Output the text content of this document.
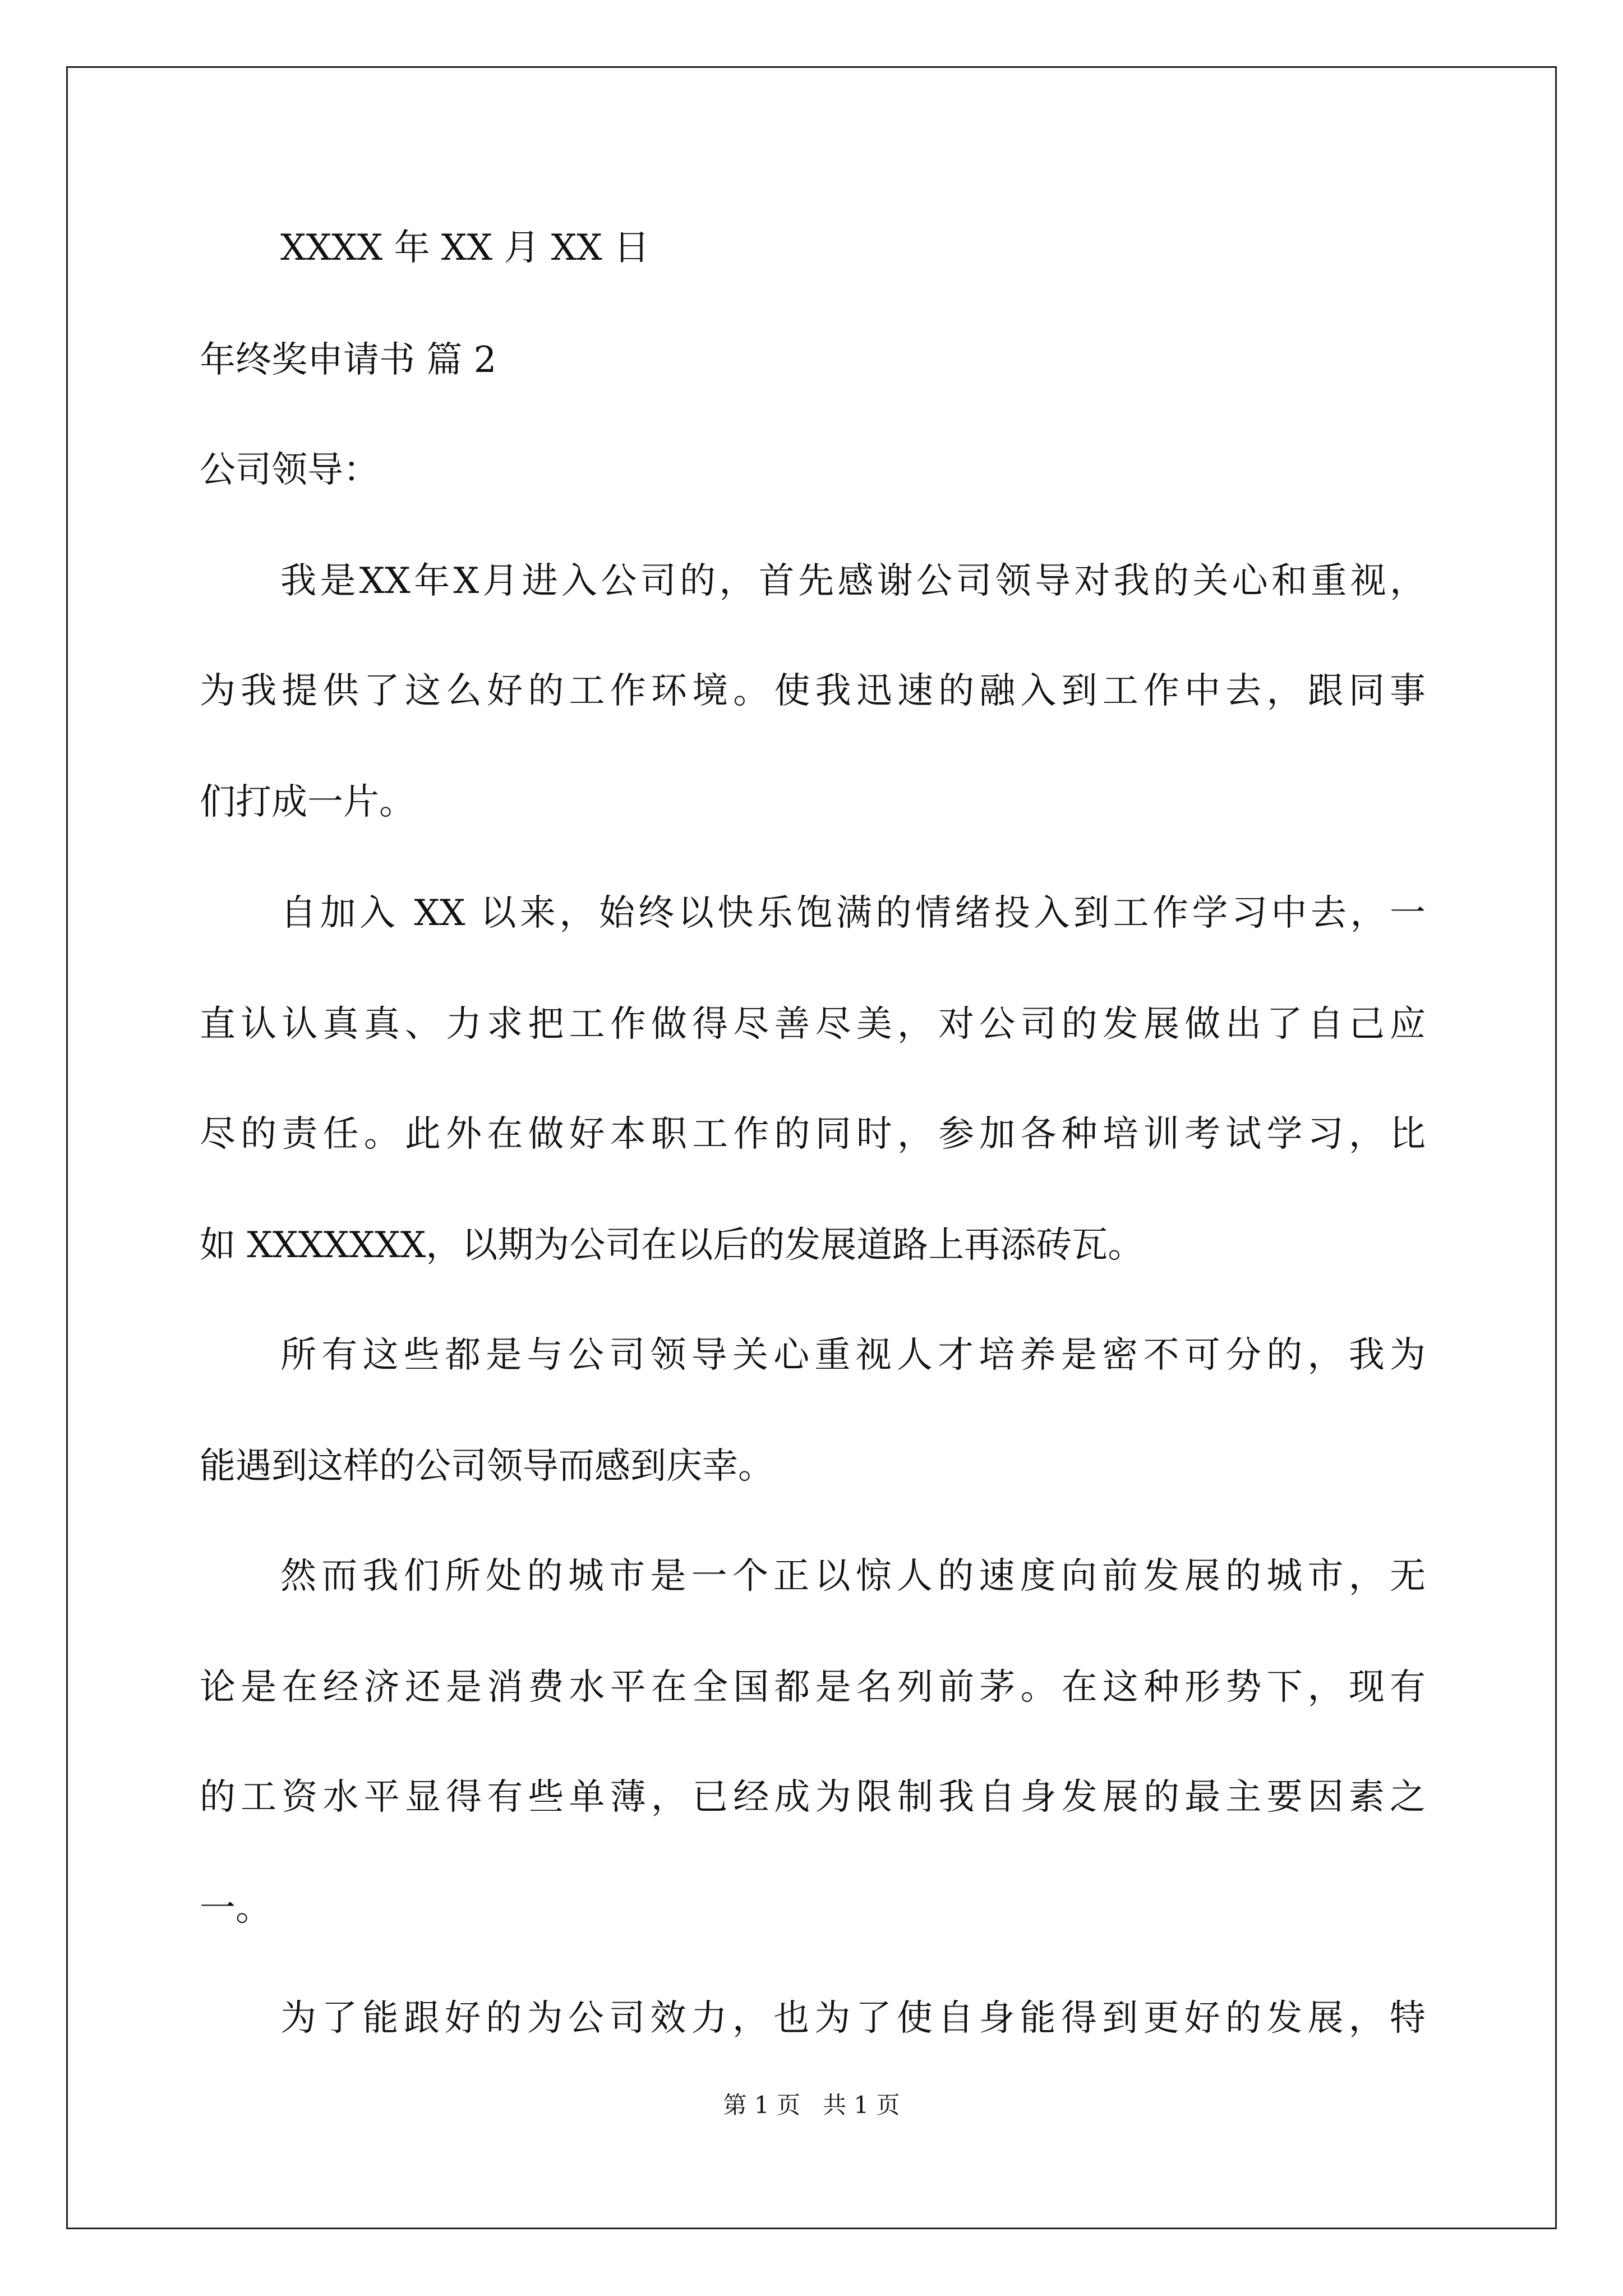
XXXX 年 XX 月 XX 日
年终奖申请书 篇 2
公司领导：
我是XX年X月进入公司的，首先感谢公司领导对我的关心和重视，
为我提供了这么好的工作环境。使我迅速的融入到工作中去，跟同事
们打成一片。
自加入 XX 以来，始终以快乐饱满的情绪投入到工作学习中去，一
直认认真真、力求把工作做得尽善尽美，对公司的发展做出了自己应
尽的责任。此外在做好本职工作的同时，参加各种培训考试学习，比
如 XXXXXXX，以期为公司在以后的发展道路上再添砖瓦。
所有这些都是与公司领导关心重视人才培养是密不可分的，我为
能遇到这样的公司领导而感到庆幸。
然而我们所处的城市是一个正以惊人的速度向前发展的城市，无
论是在经济还是消费水平在全国都是名列前茅。在这种形势下，现有
的工资水平显得有些单薄，已经成为限制我自身发展的最主要因素之
一。
为了能跟好的为公司效力，也为了使自身能得到更好的发展，特
第 1 页   共 1 页
